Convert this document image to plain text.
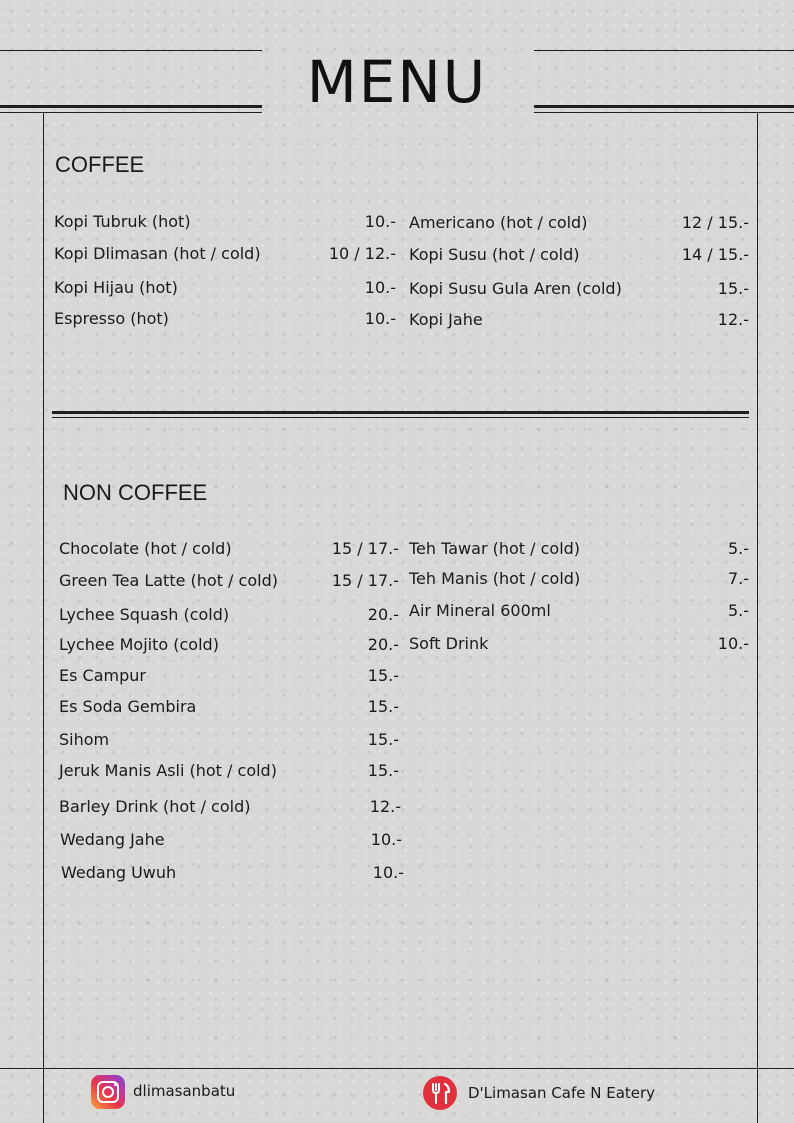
MENU
COFFEE
Kopi Tubruk (hot)	10.-
Kopi Dlimasan (hot / cold)	10 / 12.-
Kopi Hijau (hot)	10.-
Espresso (hot)	10.-
Americano (hot / cold)	12 / 15.-
Kopi Susu (hot / cold)	14 / 15.-
Kopi Susu Gula Aren (cold)	15.-
Kopi Jahe	12.-
NON COFFEE
Chocolate (hot / cold)	15 / 17.-
Green Tea Latte (hot / cold)	15 / 17.-
Lychee Squash (cold)	20.-
Lychee Mojito (cold)	20.-
Es Campur	15.-
Es Soda Gembira	15.-
Sihom	15.-
Jeruk Manis Asli (hot / cold)	15.-
Barley Drink (hot / cold)	12.-
Wedang Jahe	10.-
Wedang Uwuh	10.-
Teh Tawar (hot / cold)	5.-
Teh Manis (hot / cold)	7.-
Air Mineral 600ml	5.-
Soft Drink	10.-
dlimasanbatu	D'Limasan Cafe N Eatery
